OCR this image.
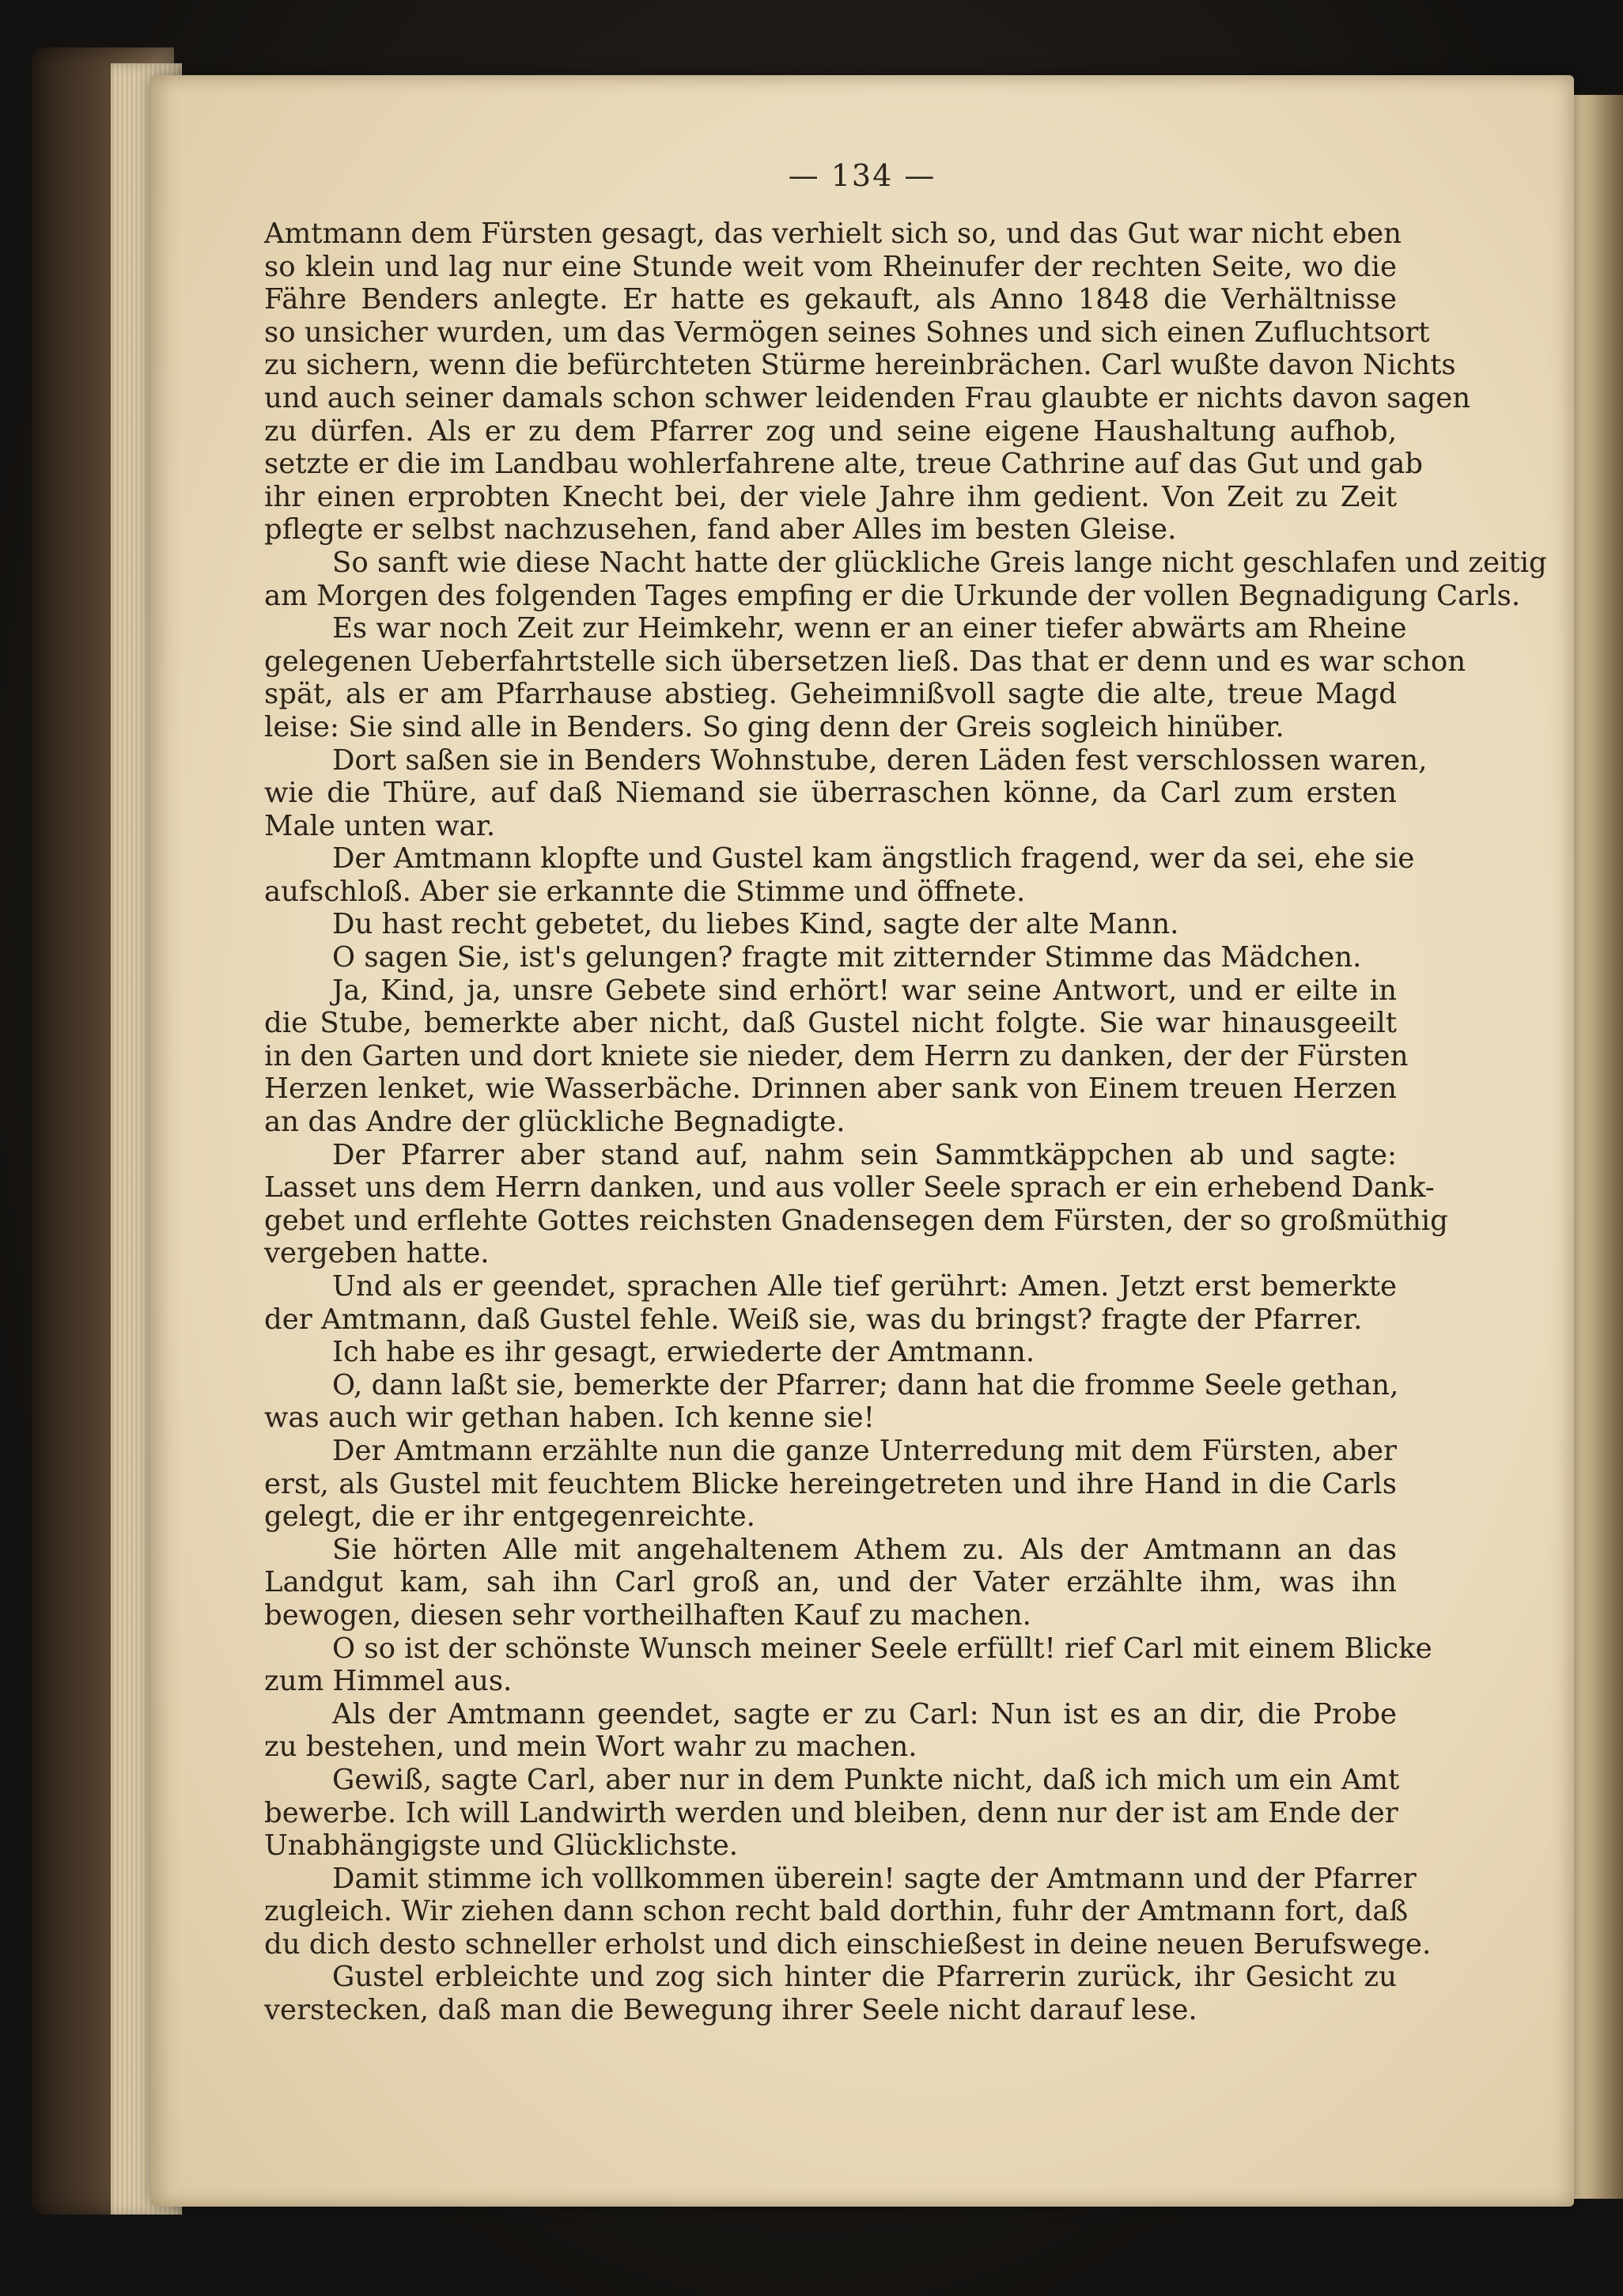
— 134 —
Amtmann dem Fürsten gesagt, das verhielt sich so, und das Gut war nicht eben
so klein und lag nur eine Stunde weit vom Rheinufer der rechten Seite, wo die
Fähre Benders anlegte. Er hatte es gekauft, als Anno 1848 die Verhältnisse
so unsicher wurden, um das Vermögen seines Sohnes und sich einen Zufluchtsort
zu sichern, wenn die befürchteten Stürme hereinbrächen. Carl wußte davon Nichts
und auch seiner damals schon schwer leidenden Frau glaubte er nichts davon sagen
zu dürfen. Als er zu dem Pfarrer zog und seine eigene Haushaltung aufhob,
setzte er die im Landbau wohlerfahrene alte, treue Cathrine auf das Gut und gab
ihr einen erprobten Knecht bei, der viele Jahre ihm gedient. Von Zeit zu Zeit
pflegte er selbst nachzusehen, fand aber Alles im besten Gleise.
So sanft wie diese Nacht hatte der glückliche Greis lange nicht geschlafen und zeitig
am Morgen des folgenden Tages empfing er die Urkunde der vollen Begnadigung Carls.
Es war noch Zeit zur Heimkehr, wenn er an einer tiefer abwärts am Rheine
gelegenen Ueberfahrtstelle sich übersetzen ließ. Das that er denn und es war schon
spät, als er am Pfarrhause abstieg. Geheimnißvoll sagte die alte, treue Magd
leise: Sie sind alle in Benders. So ging denn der Greis sogleich hinüber.
Dort saßen sie in Benders Wohnstube, deren Läden fest verschlossen waren,
wie die Thüre, auf daß Niemand sie überraschen könne, da Carl zum ersten
Male unten war.
Der Amtmann klopfte und Gustel kam ängstlich fragend, wer da sei, ehe sie
aufschloß. Aber sie erkannte die Stimme und öffnete.
Du hast recht gebetet, du liebes Kind, sagte der alte Mann.
O sagen Sie, ist's gelungen? fragte mit zitternder Stimme das Mädchen.
Ja, Kind, ja, unsre Gebete sind erhört! war seine Antwort, und er eilte in
die Stube, bemerkte aber nicht, daß Gustel nicht folgte. Sie war hinausgeeilt
in den Garten und dort kniete sie nieder, dem Herrn zu danken, der der Fürsten
Herzen lenket, wie Wasserbäche. Drinnen aber sank von Einem treuen Herzen
an das Andre der glückliche Begnadigte.
Der Pfarrer aber stand auf, nahm sein Sammtkäppchen ab und sagte:
Lasset uns dem Herrn danken, und aus voller Seele sprach er ein erhebend Dank-
gebet und erflehte Gottes reichsten Gnadensegen dem Fürsten, der so großmüthig
vergeben hatte.
Und als er geendet, sprachen Alle tief gerührt: Amen. Jetzt erst bemerkte
der Amtmann, daß Gustel fehle. Weiß sie, was du bringst? fragte der Pfarrer.
Ich habe es ihr gesagt, erwiederte der Amtmann.
O, dann laßt sie, bemerkte der Pfarrer; dann hat die fromme Seele gethan,
was auch wir gethan haben. Ich kenne sie!
Der Amtmann erzählte nun die ganze Unterredung mit dem Fürsten, aber
erst, als Gustel mit feuchtem Blicke hereingetreten und ihre Hand in die Carls
gelegt, die er ihr entgegenreichte.
Sie hörten Alle mit angehaltenem Athem zu. Als der Amtmann an das
Landgut kam, sah ihn Carl groß an, und der Vater erzählte ihm, was ihn
bewogen, diesen sehr vortheilhaften Kauf zu machen.
O so ist der schönste Wunsch meiner Seele erfüllt! rief Carl mit einem Blicke
zum Himmel aus.
Als der Amtmann geendet, sagte er zu Carl: Nun ist es an dir, die Probe
zu bestehen, und mein Wort wahr zu machen.
Gewiß, sagte Carl, aber nur in dem Punkte nicht, daß ich mich um ein Amt
bewerbe. Ich will Landwirth werden und bleiben, denn nur der ist am Ende der
Unabhängigste und Glücklichste.
Damit stimme ich vollkommen überein! sagte der Amtmann und der Pfarrer
zugleich. Wir ziehen dann schon recht bald dorthin, fuhr der Amtmann fort, daß
du dich desto schneller erholst und dich einschießest in deine neuen Berufswege.
Gustel erbleichte und zog sich hinter die Pfarrerin zurück, ihr Gesicht zu
verstecken, daß man die Bewegung ihrer Seele nicht darauf lese.
